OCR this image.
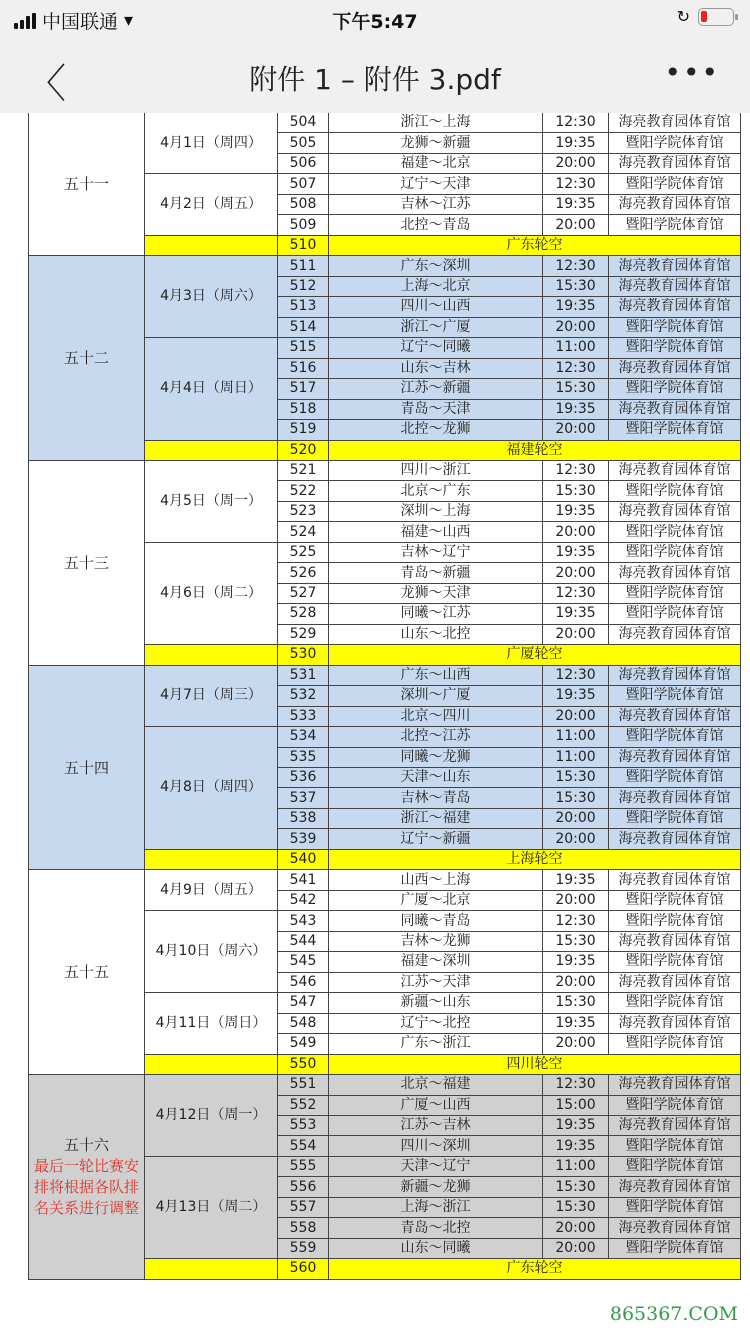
中国联通 ▾	下午5:47	↻
〈	附件 1 – 附件 3.pdf	•••
五十一	4月1日（周四）	504	浙江～上海	12:30	海亮教育园体育馆
		505	龙狮～新疆	19:35	暨阳学院体育馆
		506	福建～北京	20:00	海亮教育园体育馆
	4月2日（周五）	507	辽宁～天津	12:30	暨阳学院体育馆
		508	吉林～江苏	19:35	海亮教育园体育馆
		509	北控～青岛	20:00	暨阳学院体育馆
		510	广东轮空		
五十二	4月3日（周六）	511	广东～深圳	12:30	海亮教育园体育馆
		512	上海～北京	15:30	海亮教育园体育馆
		513	四川～山西	19:35	海亮教育园体育馆
		514	浙江～广厦	20:00	暨阳学院体育馆
	4月4日（周日）	515	辽宁～同曦	11:00	暨阳学院体育馆
		516	山东～吉林	12:30	海亮教育园体育馆
		517	江苏～新疆	15:30	暨阳学院体育馆
		518	青岛～天津	19:35	海亮教育园体育馆
		519	北控～龙狮	20:00	暨阳学院体育馆
		520	福建轮空		
五十三	4月5日（周一）	521	四川～浙江	12:30	海亮教育园体育馆
		522	北京～广东	15:30	暨阳学院体育馆
		523	深圳～上海	19:35	海亮教育园体育馆
		524	福建～山西	20:00	暨阳学院体育馆
	4月6日（周二）	525	吉林～辽宁	19:35	暨阳学院体育馆
		526	青岛～新疆	20:00	海亮教育园体育馆
		527	龙狮～天津	12:30	暨阳学院体育馆
		528	同曦～江苏	19:35	暨阳学院体育馆
		529	山东～北控	20:00	海亮教育园体育馆
		530	广厦轮空		
五十四	4月7日（周三）	531	广东～山西	12:30	海亮教育园体育馆
		532	深圳～广厦	19:35	暨阳学院体育馆
		533	北京～四川	20:00	海亮教育园体育馆
	4月8日（周四）	534	北控～江苏	11:00	暨阳学院体育馆
		535	同曦～龙狮	11:00	海亮教育园体育馆
		536	天津～山东	15:30	暨阳学院体育馆
		537	吉林～青岛	15:30	海亮教育园体育馆
		538	浙江～福建	20:00	暨阳学院体育馆
		539	辽宁～新疆	20:00	海亮教育园体育馆
		540	上海轮空		
五十五	4月9日（周五）	541	山西～上海	19:35	海亮教育园体育馆
		542	广厦～北京	20:00	暨阳学院体育馆
	4月10日（周六）	543	同曦～青岛	12:30	暨阳学院体育馆
		544	吉林～龙狮	15:30	海亮教育园体育馆
		545	福建～深圳	19:35	暨阳学院体育馆
		546	江苏～天津	20:00	海亮教育园体育馆
	4月11日（周日）	547	新疆～山东	15:30	暨阳学院体育馆
		548	辽宁～北控	19:35	海亮教育园体育馆
		549	广东～浙江	20:00	暨阳学院体育馆
		550	四川轮空		
五十六
最后一轮比赛安排将根据各队排名关系进行调整	4月12日（周一）	551	北京～福建	12:30	海亮教育园体育馆
		552	广厦～山西	15:00	暨阳学院体育馆
		553	江苏～吉林	19:35	海亮教育园体育馆
		554	四川～深圳	19:35	暨阳学院体育馆
	4月13日（周二）	555	天津～辽宁	11:00	暨阳学院体育馆
		556	新疆～龙狮	15:30	海亮教育园体育馆
		557	上海～浙江	15:30	暨阳学院体育馆
		558	青岛～北控	20:00	海亮教育园体育馆
		559	山东～同曦	20:00	暨阳学院体育馆
		560	广东轮空		
865367.COM
